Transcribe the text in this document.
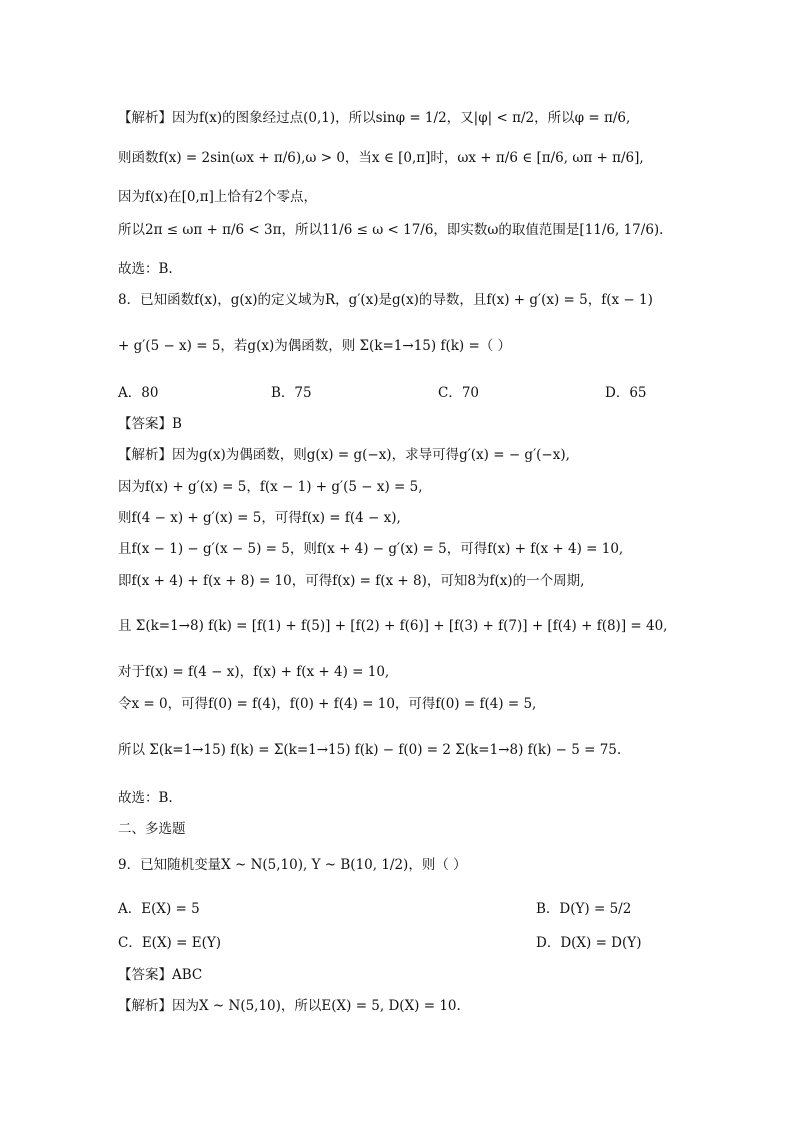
【解析】因为f(x)的图象经过点(0,1)，所以sinφ = 1/2，又|φ| < π/2，所以φ = π/6,
则函数f(x) = 2sin(ωx + π/6),ω > 0，当x ∈ [0,π]时，ωx + π/6 ∈ [π/6, ωπ + π/6],
因为f(x)在[0,π]上恰有2个零点，
所以2π ≤ ωπ + π/6 < 3π，所以11/6 ≤ ω < 17/6，即实数ω的取值范围是[11/6, 17/6).
故选：B.
8．已知函数f(x)，g(x)的定义域为R，g′(x)是g(x)的导数，且f(x) + g′(x) = 5，f(x − 1)
+ g′(5 − x) = 5，若g(x)为偶函数，则 Σ(k=1→15) f(k) =（ ）
A．80	B．75	C．70	D．65
【答案】B
【解析】因为g(x)为偶函数，则g(x) = g(−x)，求导可得g′(x) = − g′(−x),
因为f(x) + g′(x) = 5，f(x − 1) + g′(5 − x) = 5,
则f(4 − x) + g′(x) = 5，可得f(x) = f(4 − x),
且f(x − 1) − g′(x − 5) = 5，则f(x + 4) − g′(x) = 5，可得f(x) + f(x + 4) = 10,
即f(x + 4) + f(x + 8) = 10，可得f(x) = f(x + 8)，可知8为f(x)的一个周期,
且 Σ(k=1→8) f(k) = [f(1) + f(5)] + [f(2) + f(6)] + [f(3) + f(7)] + [f(4) + f(8)] = 40,
对于f(x) = f(4 − x)，f(x) + f(x + 4) = 10,
令x = 0，可得f(0) = f(4)，f(0) + f(4) = 10，可得f(0) = f(4) = 5,
所以 Σ(k=1→15) f(k) = Σ(k=1→15) f(k) − f(0) = 2 Σ(k=1→8) f(k) − 5 = 75.
故选：B.
二、多选题
9．已知随机变量X ~ N(5,10), Y ~ B(10, 1/2)，则（ ）
A．E(X) = 5	B．D(Y) = 5/2
C．E(X) = E(Y)	D．D(X) = D(Y)
【答案】ABC
【解析】因为X ~ N(5,10)，所以E(X) = 5, D(X) = 10.
